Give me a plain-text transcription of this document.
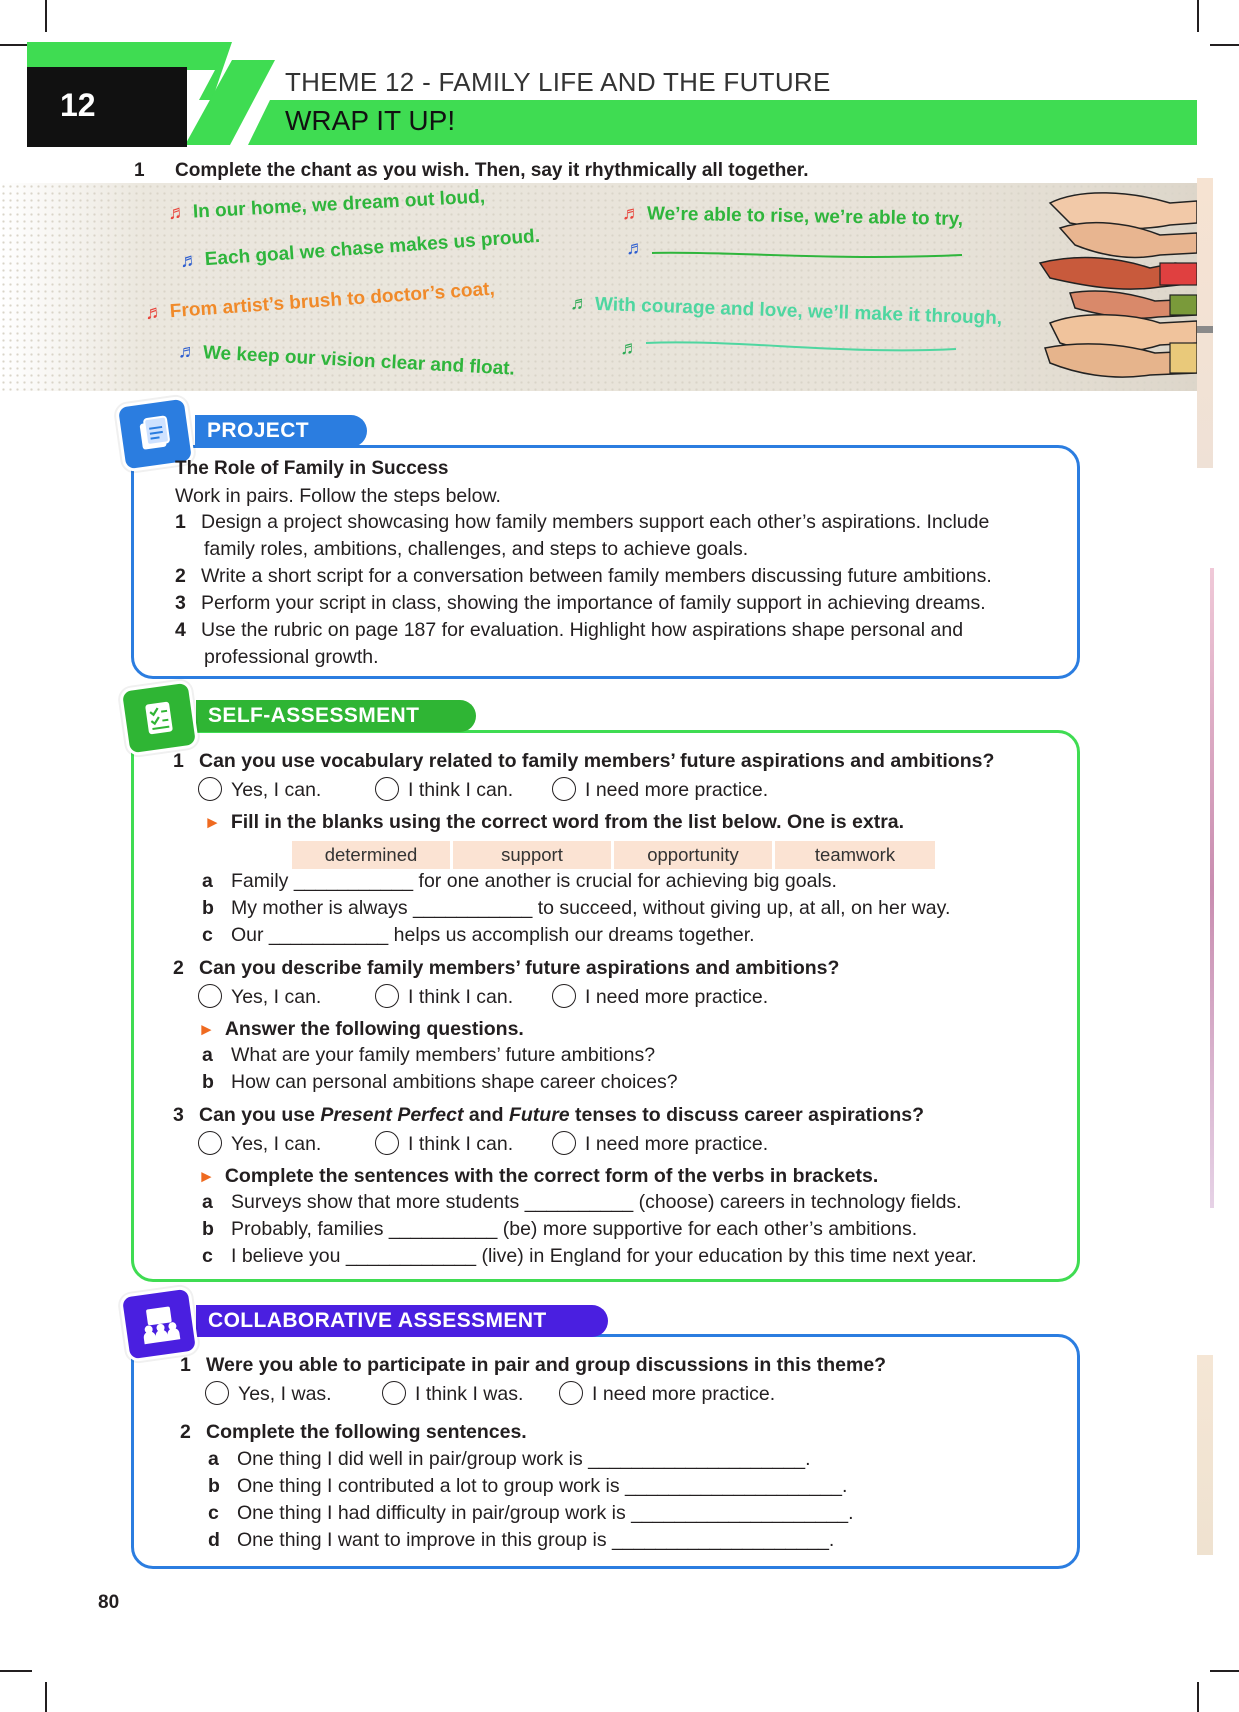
12
THEME 12 - FAMILY LIFE AND THE FUTURE
WRAP IT UP!
1 Complete the chant as you wish. Then, say it rhythmically all together.
♬ In our home, we dream out loud,
♬ Each goal we chase makes us proud.
♬ From artist’s brush to doctor’s coat,
♬ We keep our vision clear and float.
♬ We’re able to rise, we’re able to try,
♬
♬ With courage and love, we’ll make it through,
♬
PROJECT
The Role of Family in Success
Work in pairs. Follow the steps below.
1 Design a project showcasing how family members support each other’s aspirations. Include
family roles, ambitions, challenges, and steps to achieve goals.
2 Write a short script for a conversation between family members discussing future ambitions.
3 Perform your script in class, showing the importance of family support in achieving dreams.
4 Use the rubric on page 187 for evaluation. Highlight how aspirations shape personal and
professional growth.
SELF-ASSESSMENT
1 Can you use vocabulary related to family members’ future aspirations and ambitions?
Yes, I can.	I think I can.	I need more practice.
► Fill in the blanks using the correct word from the list below. One is extra.
determined	support	opportunity	teamwork
a Family ___________ for one another is crucial for achieving big goals.
b My mother is always ___________ to succeed, without giving up, at all, on her way.
c Our ___________ helps us accomplish our dreams together.
2 Can you describe family members’ future aspirations and ambitions?
Yes, I can.	I think I can.	I need more practice.
► Answer the following questions.
a What are your family members’ future ambitions?
b How can personal ambitions shape career choices?
3 Can you use Present Perfect and Future tenses to discuss career aspirations?
Yes, I can.	I think I can.	I need more practice.
► Complete the sentences with the correct form of the verbs in brackets.
a Surveys show that more students __________ (choose) careers in technology fields.
b Probably, families __________ (be) more supportive for each other’s ambitions.
c I believe you ____________ (live) in England for your education by this time next year.
COLLABORATIVE ASSESSMENT
1 Were you able to participate in pair and group discussions in this theme?
Yes, I was.	I think I was.	I need more practice.
2 Complete the following sentences.
a One thing I did well in pair/group work is ____________________.
b One thing I contributed a lot to group work is ____________________.
c One thing I had difficulty in pair/group work is ____________________.
d One thing I want to improve in this group is ____________________.
80
